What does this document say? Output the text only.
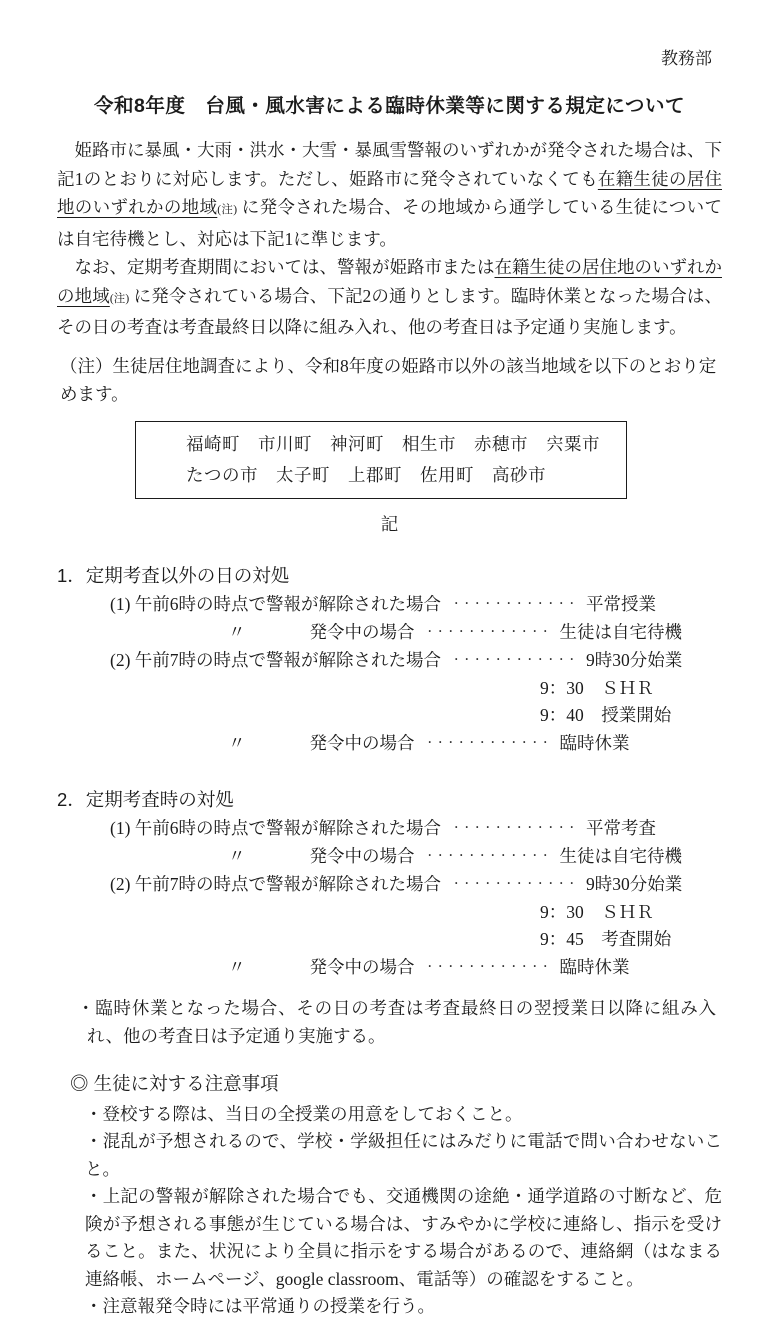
教務部
令和8年度　台風・風水害による臨時休業等に関する規定について

　姫路市に暴風・大雨・洪水・大雪・暴風雪警報のいずれかが発令された場合は、下記1のとおりに対応します。ただし、姫路市に発令されていなくても在籍生徒の居住地のいずれかの地域(注) に発令された場合、その地域から通学している生徒については自宅待機とし、対応は下記1に準じます。

　なお、定期考査期間においては、警報が姫路市または在籍生徒の居住地のいずれかの地域(注) に発令されている場合、下記2の通りとします。臨時休業となった場合は、その日の考査は考査最終日以降に組み入れ、他の考査日は予定通り実施します。

（注）生徒居住地調査により、令和8年度の姫路市以外の該当地域を以下のとおり定めます。
福崎町　市川町　神河町　相生市　赤穂市　宍粟市
たつの市　太子町　上郡町　佐用町　高砂市
記
1．定期考査以外の日の対処
(1) 午前6時の時点で警報が解除された場合 ・・・・・・・・・・・・ 平常授業
〃	発令中の場合 ・・・・・・・・・・・・ 生徒は自宅待機
(2) 午前7時の時点で警報が解除された場合 ・・・・・・・・・・・・ 9時30分始業
9：30　ＳＨＲ
9：40　授業開始
〃	発令中の場合 ・・・・・・・・・・・・ 臨時休業
2．定期考査時の対処
(1) 午前6時の時点で警報が解除された場合 ・・・・・・・・・・・・ 平常考査
〃	発令中の場合 ・・・・・・・・・・・・ 生徒は自宅待機
(2) 午前7時の時点で警報が解除された場合 ・・・・・・・・・・・・ 9時30分始業
9：30　ＳＨＲ
9：45　考査開始
〃	発令中の場合 ・・・・・・・・・・・・ 臨時休業

・臨時休業となった場合、その日の考査は考査最終日の翌授業日以降に組み入れ、他の考査日は予定通り実施する。

◎ 生徒に対する注意事項
・登校する際は、当日の全授業の用意をしておくこと。
・混乱が予想されるので、学校・学級担任にはみだりに電話で問い合わせないこと。
・上記の警報が解除された場合でも、交通機関の途絶・通学道路の寸断など、危険が予想される事態が生じている場合は、すみやかに学校に連絡し、指示を受けること。また、状況により全員に指示をする場合があるので、連絡網（はなまる連絡帳、ホームページ、google classroom、電話等）の確認をすること。
・注意報発令時には平常通りの授業を行う。
